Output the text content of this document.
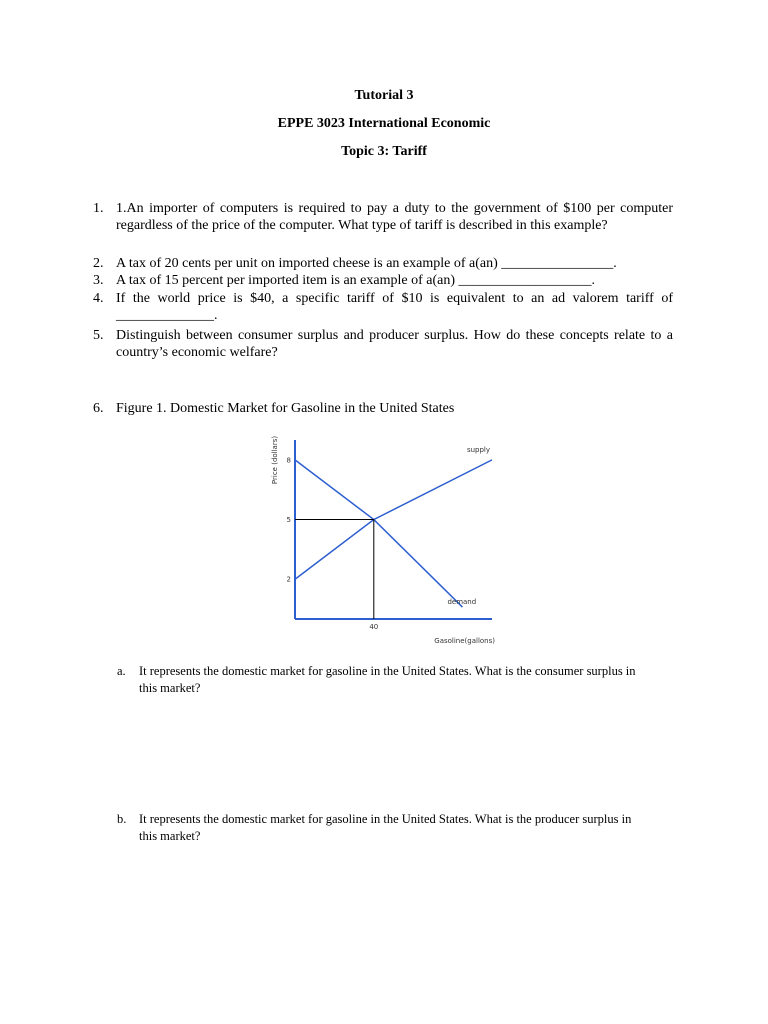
Tutorial 3
EPPE 3023 International Economic
Topic 3: Tariff
1. 1.An importer of computers is required to pay a duty to the government of $100 per computer regardless of the price of the computer. What type of tariff is described in this example?
2. A tax of 20 cents per unit on imported cheese is an example of a(an) ________________.
3. A tax of 15 percent per imported item is an example of a(an) ___________________.
4. If the world price is $40, a specific tariff of $10 is equivalent to an ad valorem tariff of ______________.
5. Distinguish between consumer surplus and producer surplus. How do these concepts relate to a country’s economic welfare?
6. Figure 1. Domestic Market for Gasoline in the United States
Price (dollars)
Gasoline(gallons)
2
5
8
40
supply
demand
a. It represents the domestic market for gasoline in the United States. What is the consumer surplus in this market?
b. It represents the domestic market for gasoline in the United States. What is the producer surplus in this market?
